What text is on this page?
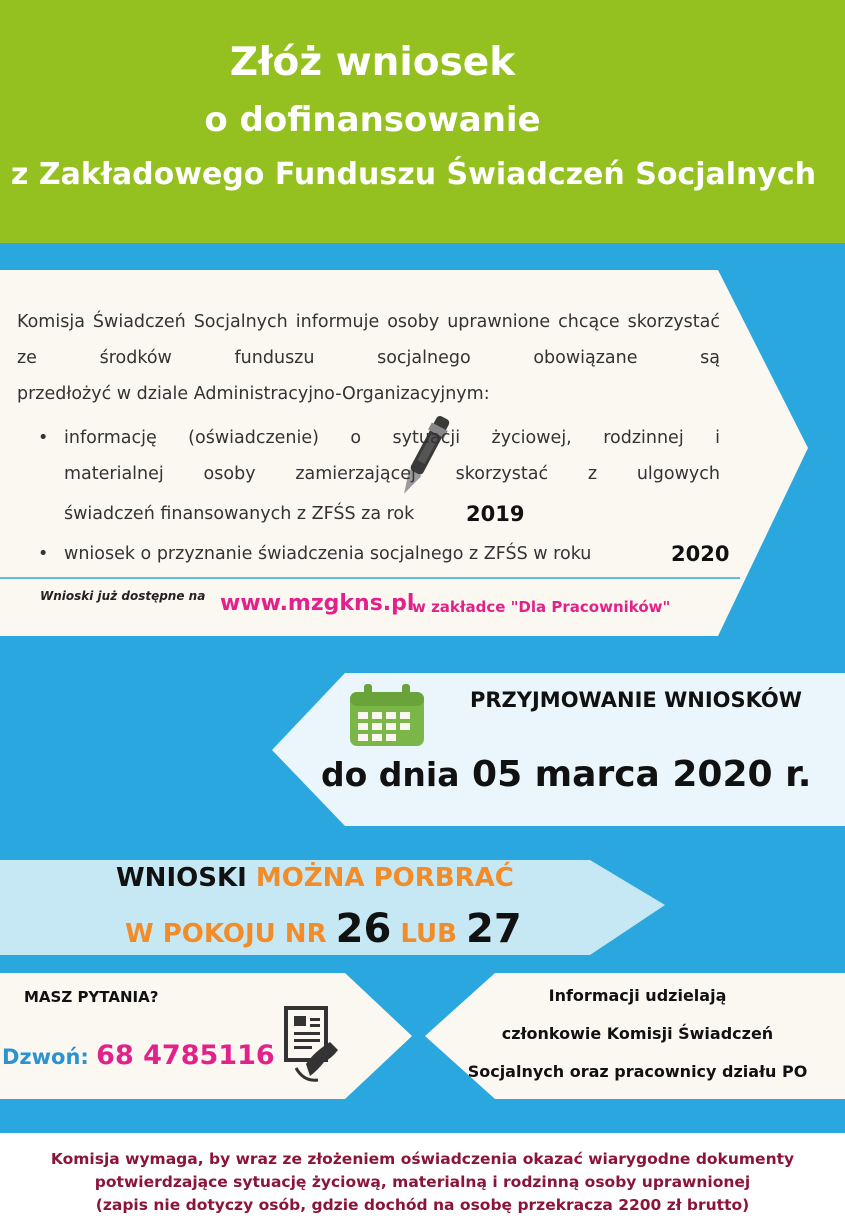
Złóż wniosek
o dofinansowanie
z Zakładowego Funduszu Świadczeń Socjalnych
Komisja Świadczeń Socjalnych informuje osoby uprawnione chcące skorzystać ze środków funduszu socjalnego obowiązane są
przedłożyć w dziale Administracyjno-Organizacyjnym:
• informację (oświadczenie) o sytuacji życiowej, rodzinnej i
materialnej osoby zamierzającej skorzystać z ulgowych
świadczeń finansowanych z ZFŚS za rok 2019
• wniosek o przyznanie świadczenia socjalnego z ZFŚS w roku	2020
Wnioski już dostępne na www.mzgkns.pl
w zakładce "Dla Pracowników"
PRZYJMOWANIE WNIOSKÓW
do dnia 05 marca 2020 r.
WNIOSKI MOŻNA PORBRAĆ
W POKOJU NR 26 LUB 27
MASZ PYTANIA?
Dzwoń: 68 4785116
Informacji udzielają
członkowie Komisji Świadczeń
Socjalnych oraz pracownicy działu PO
Komisja wymaga, by wraz ze złożeniem oświadczenia okazać wiarygodne dokumenty
potwierdzające sytuację życiową, materialną i rodzinną osoby uprawnionej
(zapis nie dotyczy osób, gdzie dochód na osobę przekracza 2200 zł brutto)
